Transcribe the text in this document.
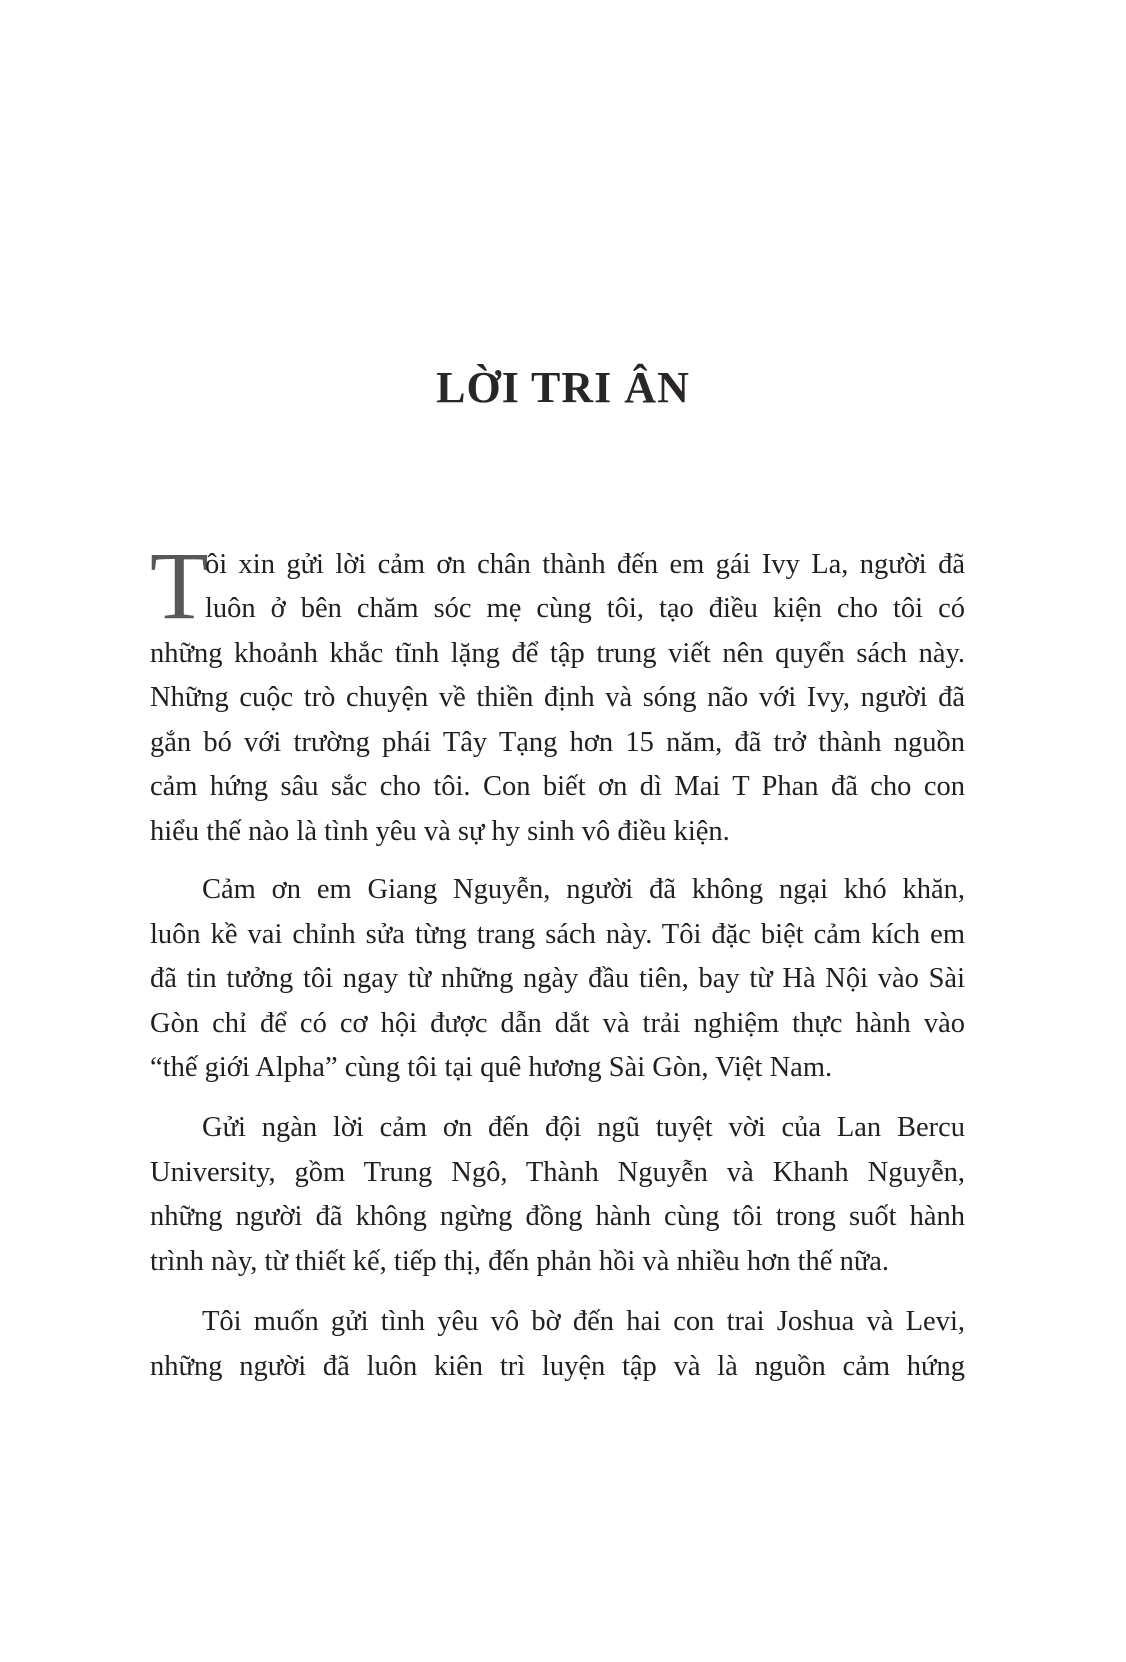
LỜI TRI ÂN
T
ôi xin gửi lời cảm ơn chân thành đến em gái Ivy La, người đã
luôn ở bên chăm sóc mẹ cùng tôi, tạo điều kiện cho tôi có
những khoảnh khắc tĩnh lặng để tập trung viết nên quyển sách này.
Những cuộc trò chuyện về thiền định và sóng não với Ivy, người đã
gắn bó với trường phái Tây Tạng hơn 15 năm, đã trở thành nguồn
cảm hứng sâu sắc cho tôi. Con biết ơn dì Mai T Phan đã cho con
hiểu thế nào là tình yêu và sự hy sinh vô điều kiện.
Cảm ơn em Giang Nguyễn, người đã không ngại khó khăn,
luôn kề vai chỉnh sửa từng trang sách này. Tôi đặc biệt cảm kích em
đã tin tưởng tôi ngay từ những ngày đầu tiên, bay từ Hà Nội vào Sài
Gòn chỉ để có cơ hội được dẫn dắt và trải nghiệm thực hành vào
“thế giới Alpha” cùng tôi tại quê hương Sài Gòn, Việt Nam.
Gửi ngàn lời cảm ơn đến đội ngũ tuyệt vời của Lan Bercu
University, gồm Trung Ngô, Thành Nguyễn và Khanh Nguyễn,
những người đã không ngừng đồng hành cùng tôi trong suốt hành
trình này, từ thiết kế, tiếp thị, đến phản hồi và nhiều hơn thế nữa.
Tôi muốn gửi tình yêu vô bờ đến hai con trai Joshua và Levi,
những người đã luôn kiên trì luyện tập và là nguồn cảm hứng
